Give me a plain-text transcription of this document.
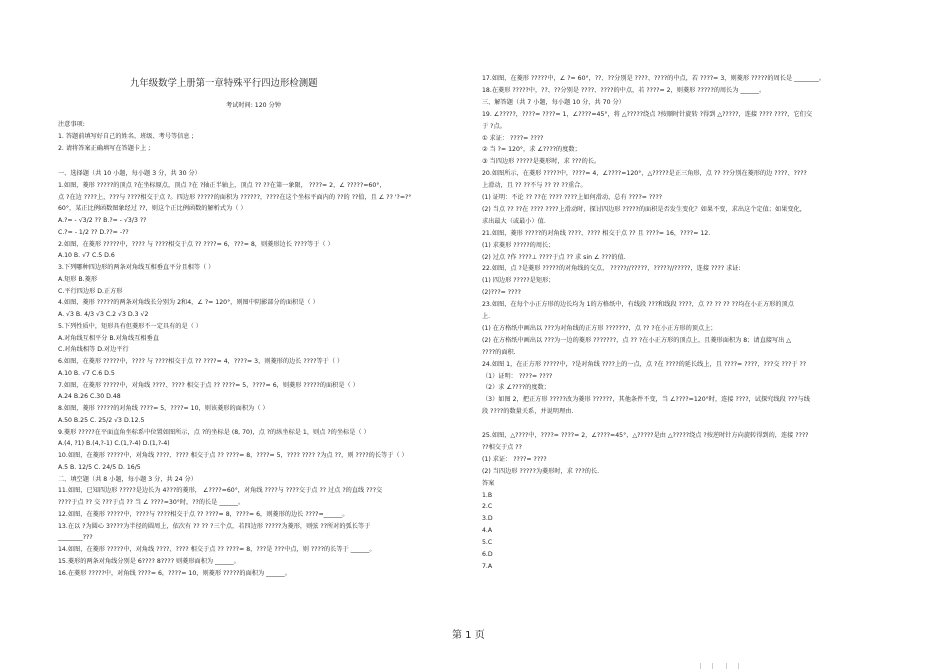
九年级数学上册第一章特殊平行四边形检测题
考试时间: 120 分钟
注意事项:
1. 答题前填写好自己的姓名、班级、考号等信息 ;
2. 请将答案正确填写在答题卡上 ;
一、选择题（共 10 小题，每小题 3 分，共 30 分）
1.如图，菱形 ?????的顶点 ?在坐标原点，顶点 ?在 ?轴正半轴上，顶点 ?? ??在第一象限， ????= 2，∠ ?????=60°，
点 ?在边 ????上，???与 ????相交于点 ?。四边形 ?????的面积为 ??????，????在这个坐标平面内的 ??的 ??值，且 ∠ ?? '?=?°
60°，某正比例函数图象经过 ??，则这个正比例函数的解析式为（ ）
A.?= - √3/2 ?? B.?= - √3/3 ??
C.?= - 1/2 ?? D.??= -??
2.如图，在菱形 ?????中，???? 与 ????相交于点 ?? ????= 6，???= 8，则菱形边长 ????等于（ ）
A.10 B. √7 C.5 D.6
3.下列哪种四边形的两条对角线互相垂直平分且相等（ ）
A.矩形 B.菱形
C.平行四边形 D.正方形
4.如图，菱形 ?????的两条对角线长分别为 2和4，∠ ?= 120°，则图中阴影部分的面积是（ ）
A. √3 B. 4/3 √3 C.2 √3 D.3 √2
5.下列性质中，矩形具有但菱形不一定具有的是（ ）
A.对角线互相平分 B.对角线互相垂直
C.对角线相等 D.对边平行
6.如图，在菱形 ?????中，???? 与 ????相交于点 ?? ????= 4，????= 3，则菱形的边长 ????等于（ ）
A.10 B. √7 C.6 D.5
7.如图，在菱形 ?????中，对角线 ????、???? 相交于点 ?? ????= 5，????= 6，则菱形 ?????的面积是（ ）
A.24 B.26 C.30 D.48
8.如图，菱形 ?????的对角线 ????= 5，????= 10，则该菱形的面积为（ ）
A.50 B.25 C. 25/2 √3 D.12.5
9.菱形 ?????在平面直角坐标系中位置如图所示，点 ?的坐标是 (8, 70)，点 ?的纵坐标是 1，则点 ?的坐标是（ ）
A.(4, ?1) B.(4,?-1) C.(1,?-4) D.(1,?-4)
10.如图，在菱形 ?????中，对角线 ????、???? 相交于点 ?? ????= 8，????= 5，???? ???? ?为点 ??，则 ????的长等于（ ）
A.5 B. 12/5 C. 24/5 D. 16/5
二、填空题（共 8 小题，每小题 3 分，共 24 分）
11.如图，已知四边形 ?????是边长为 4???的菱形， ∠????=60°，对角线 ????与 ????交于点 ?? 过点 ?的直线 ???交
????于点 ?? 交 ???于点 ?? 当 ∠ ????=30°时，??的长是 ______。
12.如图，在菱形 ?????中，????与 ????相交于点 ?? ????= 8，????= 6，则菱形的边长 ????=______。
13.在以 ?为圆心 3????为半径的圆周上，依次有 ?? ?? ?三个点，若四边形 ?????为菱形，则弦 ??所对的弧长等于
________???
14.如图，在菱形 ?????中，对角线 ????、???? 相交于点 ?? ????= 8，???是 ???中点，则 ????的长等于 ______。
15.菱形的两条对角线分别是 6???? 8???? 则菱形面积为 ______。
16.在菱形 ?????中，对角线 ????= 6，????= 10，则菱形 ?????的面积为 ______。
17.如图，在菱形 ?????中，∠ ?= 60°，??、??分别是 ????、????的中点，若 ????= 3，则菱形 ?????的周长是 ________。
18.在菱形 ?????中，??、??分别是 ????、????的中点，若 ????= 2，则菱形 ?????的周长为 ______。
三、解答题（共 7 小题，每小题 10 分，共 70 分）
19. ∠?????，????= ????= 1，∠????=45°，将 △?????绕点 ?按顺时针旋转 ?得到 △?????，连接 ???? ????，它们交
于 ?点。
① 求证： ????= ????
② 当 ?= 120°，求 ∠????的度数；
③ 当四边形 ?????是菱形时，求 ???的长。
20.如图所示，在菱形 ?????中，????= 4，∠????=120°，△?????是正三角形，点 ?? ??分别在菱形的边 ????、????
上滑动，且 ?? ??不与 ?? ?? ??重合。
(1) 证明：不论 ?? ??在 ???? ????上如何滑动，总有 ????= ????
(2) 当点 ?? ??在 ???? ????上滑动时，探讨四边形 ?????的面积是否发生变化？如果不变，求出这个定值；如果变化，
求出最大（或最小）值.
21.如图，菱形 ?????的对角线 ????、???? 相交于点 ?? 且 ????= 16，????= 12.
(1) 求菱形 ?????的周长；
(2) 过点 ?作 ????⊥ ????于点 ?? 求 sin ∠ ???的值.
22.如图，点 ?是菱形 ?????的对角线的交点， ?????//?????，?????//?????，连接 ???? 求证:
(1) 四边形 ?????是矩形；
(2)???= ????
23.如图，在每个小正方形的边长均为 1的方格纸中，有线段 ???和线段 ????，点 ?? ?? ?? ??均在小正方形的顶点
上.
(1) 在方格纸中画出以 ???为对角线的正方形 ???????，点 ?? ?在小正方形的顶点上；
(2) 在方格纸中画出以 ???为一边的菱形 ???????，点 ?? ?在小正方形的顶点上，且菱形面积为 8；请直接写出 △
????的面积.
24.如图 1，在正方形 ?????中，?是对角线 ????上的一点，点 ?在 ????的延长线上，且 ????= ????，???交 ???于 ??
（1）证明： ????= ????
（2）求 ∠????的度数；
（3）如图 2，把正方形 ?????改为菱形 ??????，其他条件不变，当 ∠????=120°时，连接 ????，试探究线段 ???与线
段 ????的数量关系，并说明理由.
25.如图，△????中，????= ????= 2，∠????=45°，△?????是由 △?????绕点 ?按逆时针方向旋转得到的，连接 ????
??相交于点 ??
(1) 求证： ????= ????
(2) 当四边形 ?????为菱形时，求 ???的长.
答案
1.B
2.C
3.D
4.A
5.C
6.D
7.A
第 1 页
